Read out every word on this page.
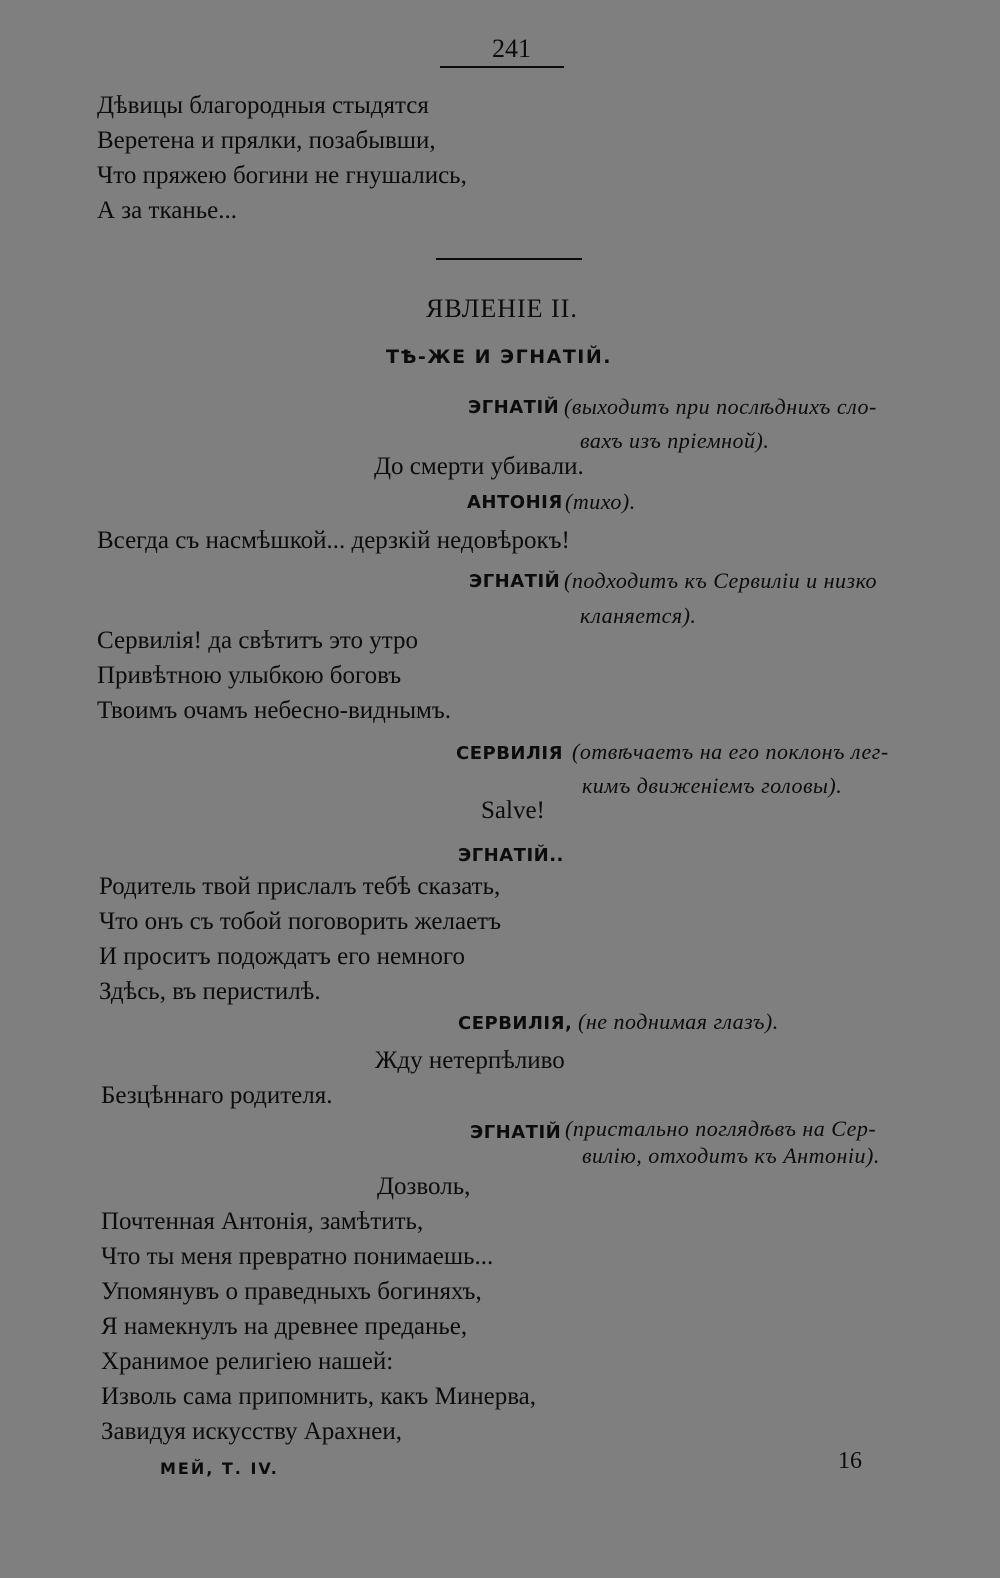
241
Дѣвицы благородныя стыдятся
Веретена и прялки, позабывши,
Что пряжею богини не гнушались,
А за тканье...
ЯВЛЕНІЕ II.
ТѢ-ЖЕ И ЭГНАТІЙ.
ЭГНАТІЙ (выходитъ при послѣднихъ сло-
вахъ изъ пріемной).
До смерти убивали.
АНТОНІЯ (тихо).
Всегда съ насмѣшкой... дерзкій недовѣрокъ!
ЭГНАТІЙ (подходитъ къ Сервиліи и низко
кланяется).
Сервилія! да свѣтитъ это утро
Привѣтною улыбкою боговъ
Твоимъ очамъ небесно-виднымъ.
СЕРВИЛІЯ (отвѣчаетъ на его поклонъ лег-
кимъ движеніемъ головы).
Salve!
ЭГНАТІЙ..
Родитель твой прислалъ тебѣ сказать,
Что онъ съ тобой поговорить желаетъ
И проситъ подождатъ его немного
Здѣсь, въ перистилѣ.
СЕРВИЛІЯ, (не поднимая глазъ).
Жду нетерпѣливо
Безцѣннаго родителя.
ЭГНАТІЙ (пристально поглядѣвъ на Сер-
вилію, отходитъ къ Антоніи).
Дозволь,
Почтенная Антонія, замѣтить,
Что ты меня превратно понимаешь...
Упомянувъ о праведныхъ богиняхъ,
Я намекнулъ на древнее преданье,
Хранимое религіею нашей:
Изволь сама припомнить, какъ Минерва,
Завидуя искусству Арахнеи,
МЕЙ, Т. IV.	16
